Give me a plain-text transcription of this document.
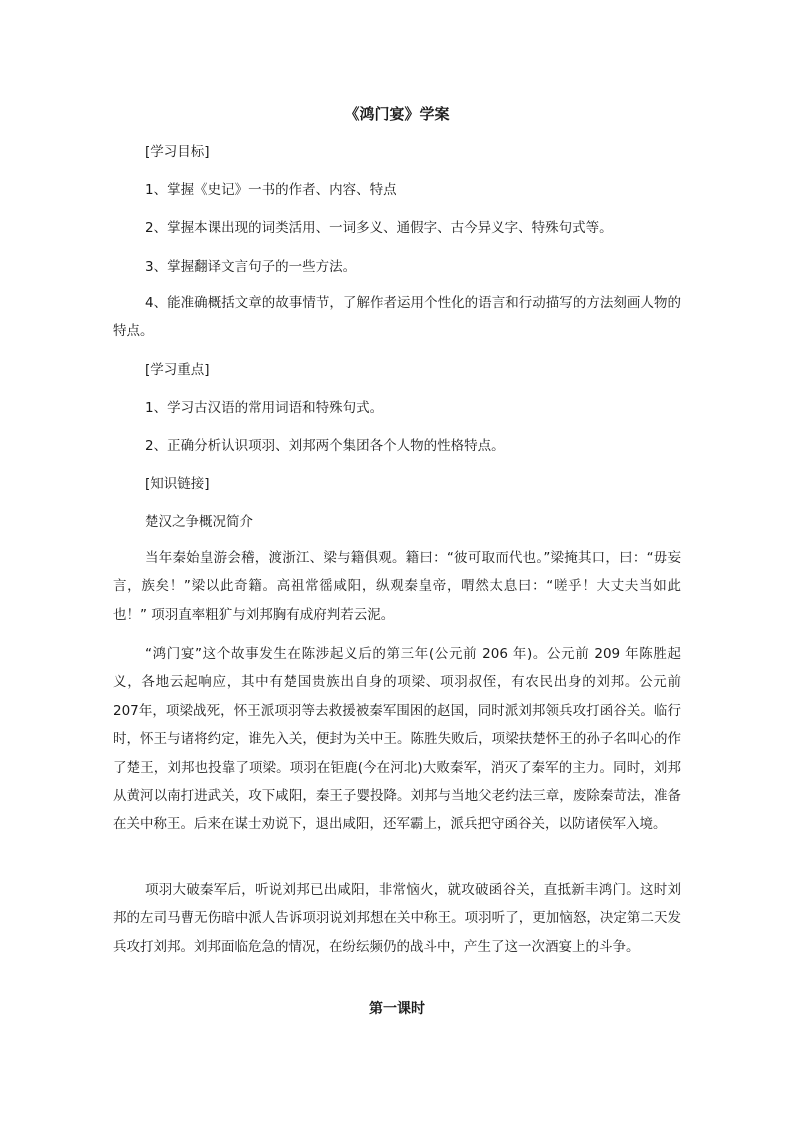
《鸿门宴》学案
[学习目标]
1、掌握《史记》一书的作者、内容、特点
2、掌握本课出现的词类活用、一词多义、通假字、古今异义字、特殊句式等。
3、掌握翻译文言句子的一些方法。
4、能准确概括文章的故事情节，了解作者运用个性化的语言和行动描写的方法刻画人物的特点。
[学习重点]
1、学习古汉语的常用词语和特殊句式。
2、正确分析认识项羽、刘邦两个集团各个人物的性格特点。
[知识链接]
楚汉之争概况简介
当年秦始皇游会稽，渡浙江、梁与籍俱观。籍曰：“彼可取而代也。”梁掩其口，曰：“毋妄言，族矣！”梁以此奇籍。高祖常徭咸阳，纵观秦皇帝，喟然太息曰：“嗟乎！大丈夫当如此也！” 项羽直率粗犷与刘邦胸有成府判若云泥。
“鸿门宴”这个故事发生在陈涉起义后的第三年(公元前 206 年)。公元前 209 年陈胜起义，各地云起响应，其中有楚国贵族出自身的项梁、项羽叔侄，有农民出身的刘邦。公元前 207年，项梁战死，怀王派项羽等去救援被秦军围困的赵国，同时派刘邦领兵攻打函谷关。临行时，怀王与诸将约定，谁先入关，便封为关中王。陈胜失败后，项梁扶楚怀王的孙子名叫心的作了楚王，刘邦也投靠了项梁。项羽在钜鹿(今在河北)大败秦军，消灭了秦军的主力。同时，刘邦从黄河以南打进武关，攻下咸阳，秦王子婴投降。刘邦与当地父老约法三章，废除秦苛法，准备在关中称王。后来在谋士劝说下，退出咸阳，还军霸上，派兵把守函谷关，以防诸侯军入境。
项羽大破秦军后，听说刘邦已出咸阳，非常恼火，就攻破函谷关，直抵新丰鸿门。这时刘邦的左司马曹无伤暗中派人告诉项羽说刘邦想在关中称王。项羽听了，更加恼怒，决定第二天发兵攻打刘邦。刘邦面临危急的情况，在纷纭频仍的战斗中，产生了这一次酒宴上的斗争。
第一课时
